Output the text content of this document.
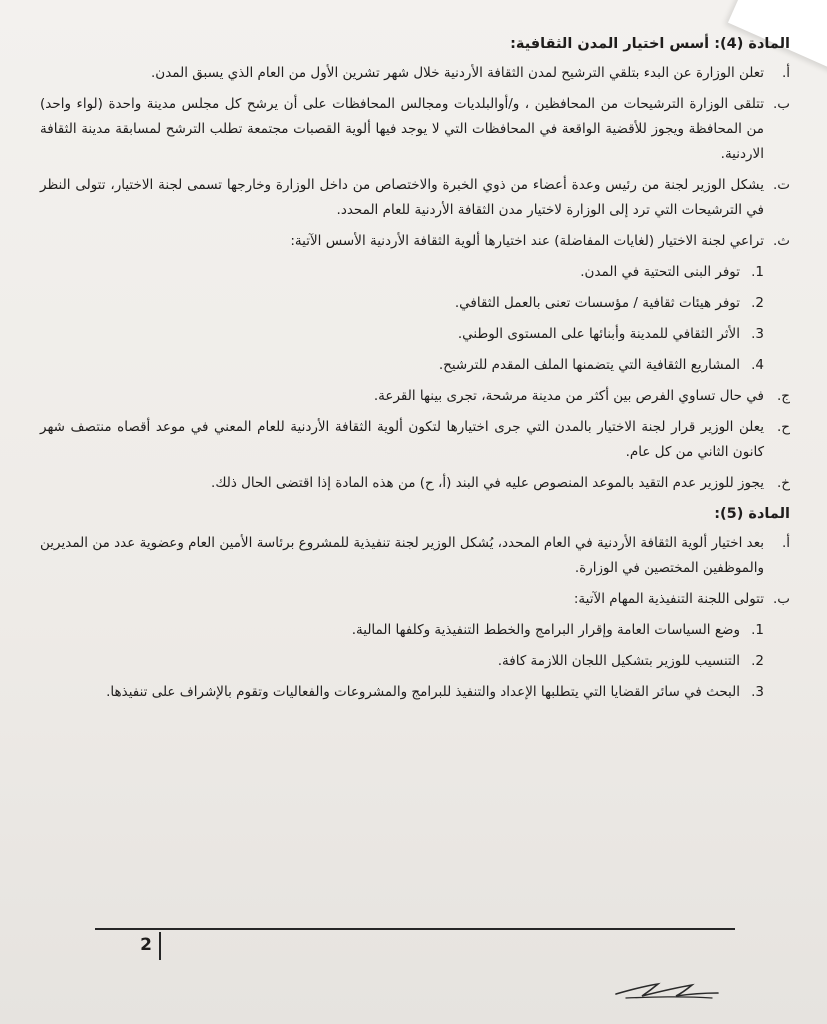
المادة (4): أسس اختيار المدن الثقافية:
أ.
تعلن الوزارة عن البدء بتلقي الترشيح لمدن الثقافة الأردنية خلال شهر تشرين الأول من العام الذي يسبق المدن.
ب.
تتلقى الوزارة الترشيحات من المحافظين ، و/أوالبلديات ومجالس المحافظات على أن يرشح كل مجلس مدينة واحدة (لواء واحد) من المحافظة ويجوز للأقضية الواقعة في المحافظات التي لا يوجد فيها ألوية القصبات مجتمعة تطلب الترشح لمسابقة مدينة الثقافة الاردنية.
ت.
يشكل الوزير لجنة من رئيس وعدة أعضاء من ذوي الخبرة والاختصاص من داخل الوزارة وخارجها تسمى لجنة الاختيار، تتولى النظر في الترشيحات التي ترد إلى الوزارة لاختيار مدن الثقافة الأردنية للعام المحدد.
ث.
تراعي لجنة الاختيار (لغايات المفاضلة) عند اختيارها ألوية الثقافة الأردنية الأسس الآتية:
1.
توفر البنى التحتية في المدن.
2.
توفر هيئات ثقافية / مؤسسات تعنى بالعمل الثقافي.
3.
الأثر الثقافي للمدينة وأبنائها على المستوى الوطني.
4.
المشاريع الثقافية التي يتضمنها الملف المقدم للترشيح.
ج.
في حال تساوي الفرص بين أكثر من مدينة مرشحة، تجرى بينها القرعة.
ح.
يعلن الوزير قرار لجنة الاختيار بالمدن التي جرى اختيارها لتكون ألوية الثقافة الأردنية للعام المعني في موعد أقصاه منتصف شهر كانون الثاني من كل عام.
خ.
يجوز للوزير عدم التقيد بالموعد المنصوص عليه في البند (أ، ح) من هذه المادة إذا اقتضى الحال ذلك.
المادة (5):
أ.
بعد اختيار ألوية الثقافة الأردنية في العام المحدد، يُشكل الوزير لجنة تنفيذية للمشروع برئاسة الأمين العام وعضوية عدد من المديرين والموظفين المختصين في الوزارة.
ب.
تتولى اللجنة التنفيذية المهام الآتية:
1.
وضع السياسات العامة وإقرار البرامج والخطط التنفيذية وكلفها المالية.
2.
التنسيب للوزير بتشكيل اللجان اللازمة كافة.
3.
البحث في سائر القضايا التي يتطلبها الإعداد والتنفيذ للبرامج والمشروعات والفعاليات وتقوم بالإشراف على تنفيذها.
2
